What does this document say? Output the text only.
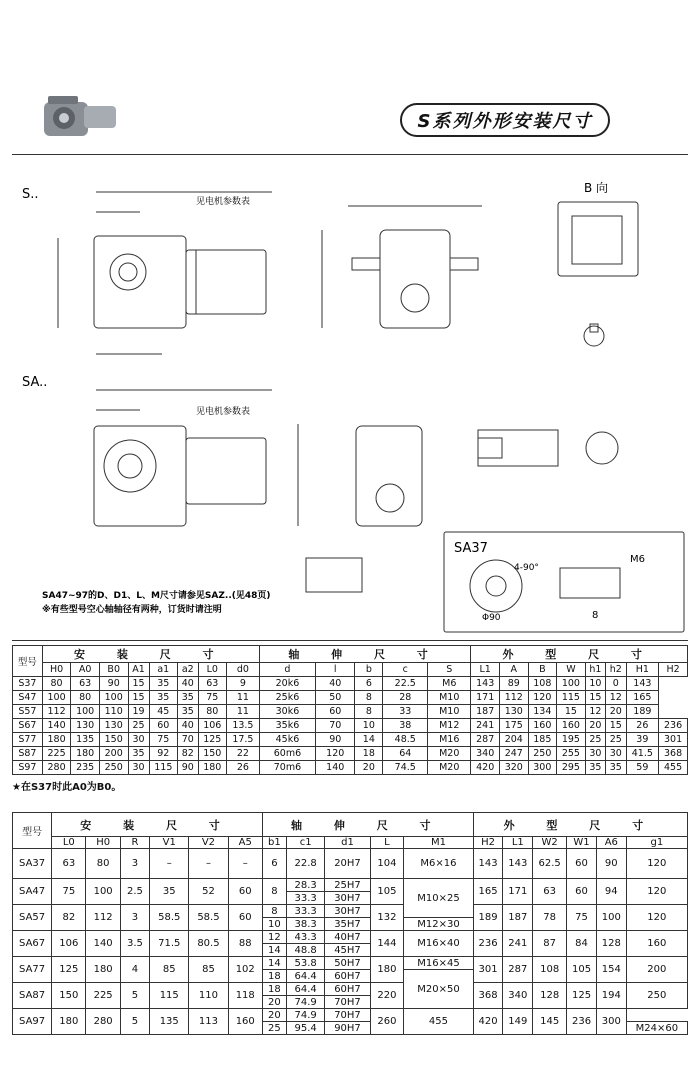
S系列外形安装尺寸
S..
SA..
B 向
SA37
见电机参数表
见电机参数表
4-90°
Φ90	8
M6
SA47~97的D、D1、L、M尺寸请参见SAZ..(见48页)
※有些型号空心轴轴径有两种，订货时请注明
型号	安 装 尺 寸								轴 伸 尺 寸					外 型 尺 寸							
	H0	A0	B0	A1	a1	a2	L0	d0	d	l	b	c	S	L1	A	B	W	h1	h2	H1	H2
S37	80	63	90	15	35	40	63	9	20k6	40	6	22.5	M6	143	89	108	100	10	0	143	
S47	100	80	100	15	35	35	75	11	25k6	50	8	28	M10	171	112	120	115	15	12	165	
S57	112	100	110	19	45	35	80	11	30k6	60	8	33	M10	187	130	134	15	12	20	189	
S67	140	130	130	25	60	40	106	13.5	35k6	70	10	38	M12	241	175	160	160	20	15	26	236
S77	180	135	150	30	75	70	125	17.5	45k6	90	14	48.5	M16	287	204	185	195	25	25	39	301
S87	225	180	200	35	92	82	150	22	60m6	120	18	64	M20	340	247	250	255	30	30	41.5	368
S97	280	235	250	30	115	90	180	26	70m6	140	20	74.5	M20	420	320	300	295	35	35	59	455
★在S37时此A0为B0。
型号	安 装 尺 寸						轴 伸 尺 寸					外 型 尺 寸					
	L0	H0	R	V1	V2	A5	b1	c1	d1	L	M1	H2	L1	W2	W1	A6	g1
SA37	63	80	3	–	–	–	6	22.8	20H7	104	M6×16	143	143	62.5	60	90	120
SA47	75	100	2.5	35	52	60	8	28.3	25H7	105	M10×25	165	171	63	60	94	120
								33.3	30H7								
SA57	82	112	3	58.5	58.5	60	8	33.3	30H7	132		189	187	78	75	100	120
							10	38.3	35H7		M12×30						
SA67	106	140	3.5	71.5	80.5	88	12	43.3	40H7	144	M16×40	236	241	87	84	128	160
							14	48.8	45H7								
SA77	125	180	4	85	85	102	14	53.8	50H7	180	M16×45	301	287	108	105	154	200
							18	64.4	60H7		M20×50						
SA87	150	225	5	115	110	118	18	64.4	60H7	220		368	340	128	125	194	250
							20	74.9	70H7								
SA97	180	280	5	135	113	160	20	74.9	70H7	260	455	420	149	145	236	300	
							25	95.4	90H7								M24×60
